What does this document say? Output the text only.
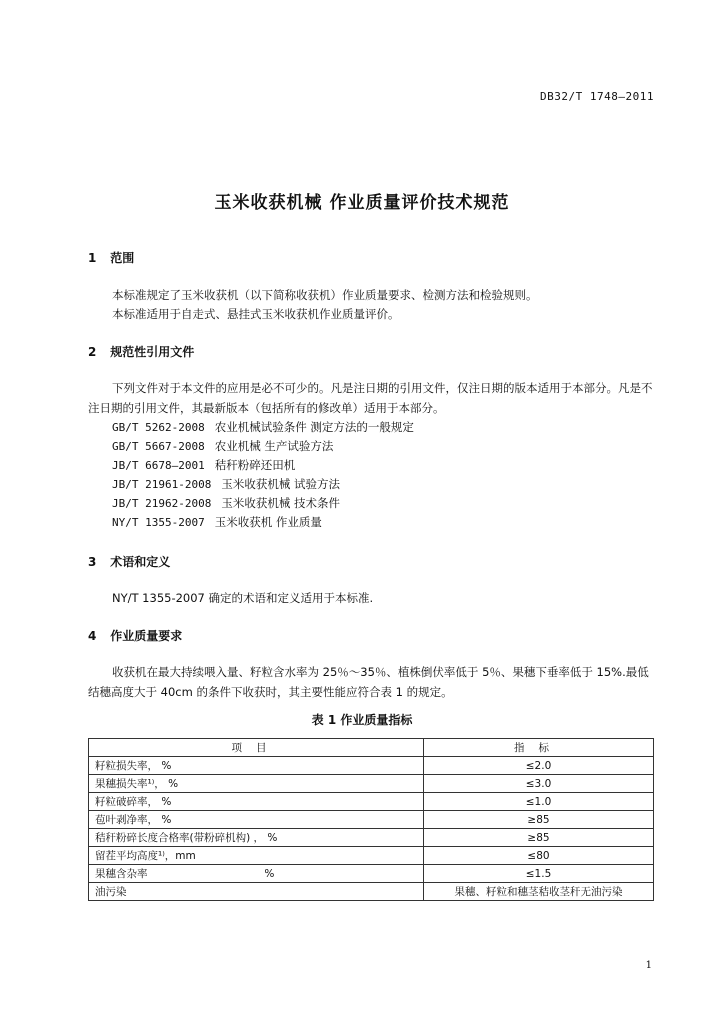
DB32/T 1748—2011
玉米收获机械 作业质量评价技术规范
1 范围
本标准规定了玉米收获机（以下简称收获机）作业质量要求、检测方法和检验规则。
本标准适用于自走式、悬挂式玉米收获机作业质量评价。
2 规范性引用文件
下列文件对于本文件的应用是必不可少的。凡是注日期的引用文件，仅注日期的版本适用于本部分。凡是不注日期的引用文件，其最新版本（包括所有的修改单）适用于本部分。
GB/T 5262-2008 农业机械试验条件 测定方法的一般规定
GB/T 5667-2008 农业机械 生产试验方法
JB/T 6678—2001 秸秆粉碎还田机
JB/T 21961-2008 玉米收获机械 试验方法
JB/T 21962-2008 玉米收获机械 技术条件
NY/T 1355-2007 玉米收获机 作业质量
3 术语和定义
NY/T 1355-2007 确定的术语和定义适用于本标准.
4 作业质量要求
收获机在最大持续喂入量、籽粒含水率为 25％～35％、植株倒伏率低于 5％、果穗下垂率低于 15%.最低结穗高度大于 40cm 的条件下收获时，其主要性能应符合表 1 的规定。
表 1 作业质量指标
项目	指标
籽粒损失率， %	≤2.0
果穗损失率¹⁾， %	≤3.0
籽粒破碎率， %	≤1.0
苞叶剥净率， %	≥85
秸秆粉碎长度合格率(带粉碎机构) ， %	≥85
留茬平均高度¹⁾，mm	≤80
果穗含杂率                                   %	≤1.5
油污染	果穗、籽粒和穗茎秸收茎秆无油污染
1
